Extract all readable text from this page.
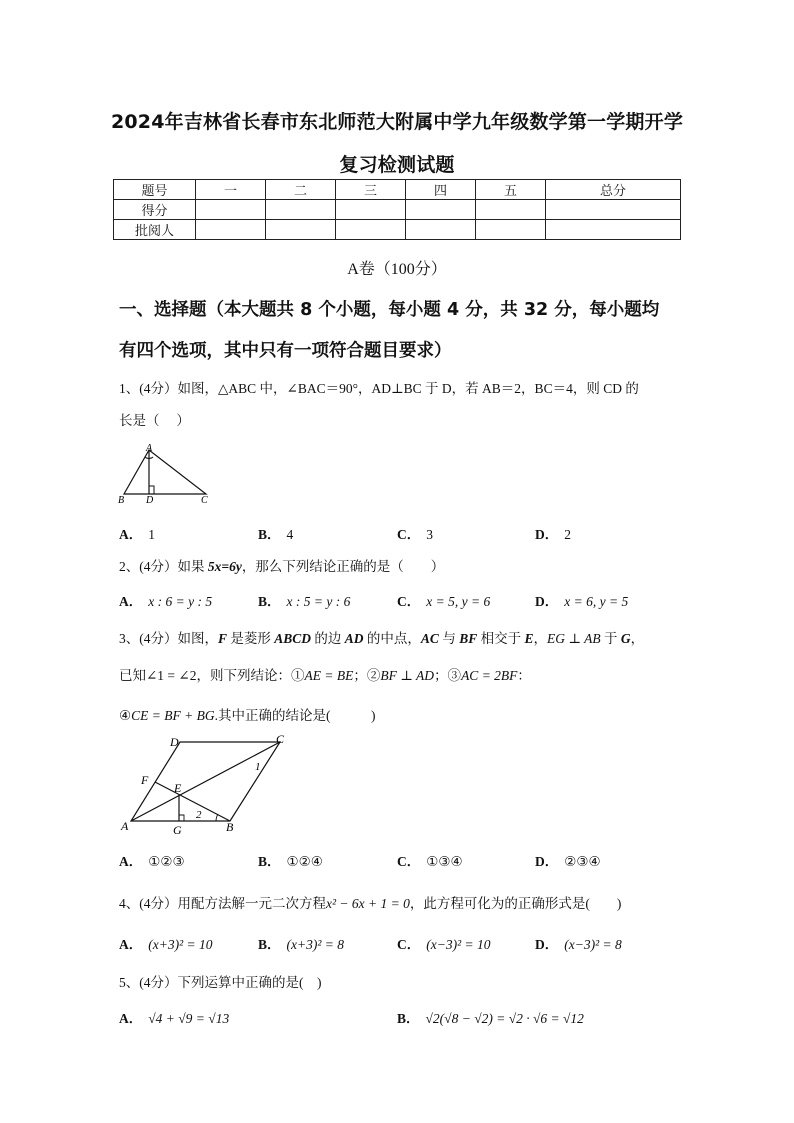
2024年吉林省长春市东北师范大附属中学九年级数学第一学期开学
复习检测试题
题号	一	二	三	四	五	总分
得分						
批阅人						
A卷（100分）
一、选择题（本大题共 8 个小题，每小题 4 分，共 32 分，每小题均
有四个选项，其中只有一项符合题目要求）
1、(4分）如图，△ABC 中，∠BAC＝90°，AD⊥BC 于 D，若 AB＝2，BC＝4，则 CD 的
长是（　 ）
A
B D	C
A． 1	B． 4	C． 3	D． 2
2、(4分）如果 5x=6y，那么下列结论正确的是（　　）
A． x : 6 = y : 5	B． x : 5 = y : 6	C． x = 5, y = 6	D． x = 6, y = 5
3、(4分）如图，F 是菱形 ABCD 的边 AD 的中点，AC 与 BF 相交于 E，EG ⊥ AB 于 G，
已知∠1 = ∠2，则下列结论：①AE = BE；②BF ⊥ AD；③AC = 2BF：
④CE = BF + BG.其中正确的结论是(　　　)
A	B
C
D
E
F
G
1
2
A． ①②③	B． ①②④	C． ①③④	D． ②③④
4、(4分）用配方法解一元二次方程x² − 6x + 1 = 0，此方程可化为的正确形式是(　　)
A． (x+3)² = 10	B． (x+3)² = 8	C． (x−3)² = 10	D． (x−3)² = 8
5、(4分）下列运算中正确的是(　)
A． √4 + √9 = √13	B． √2(√8 − √2) = √2 · √6 = √12
